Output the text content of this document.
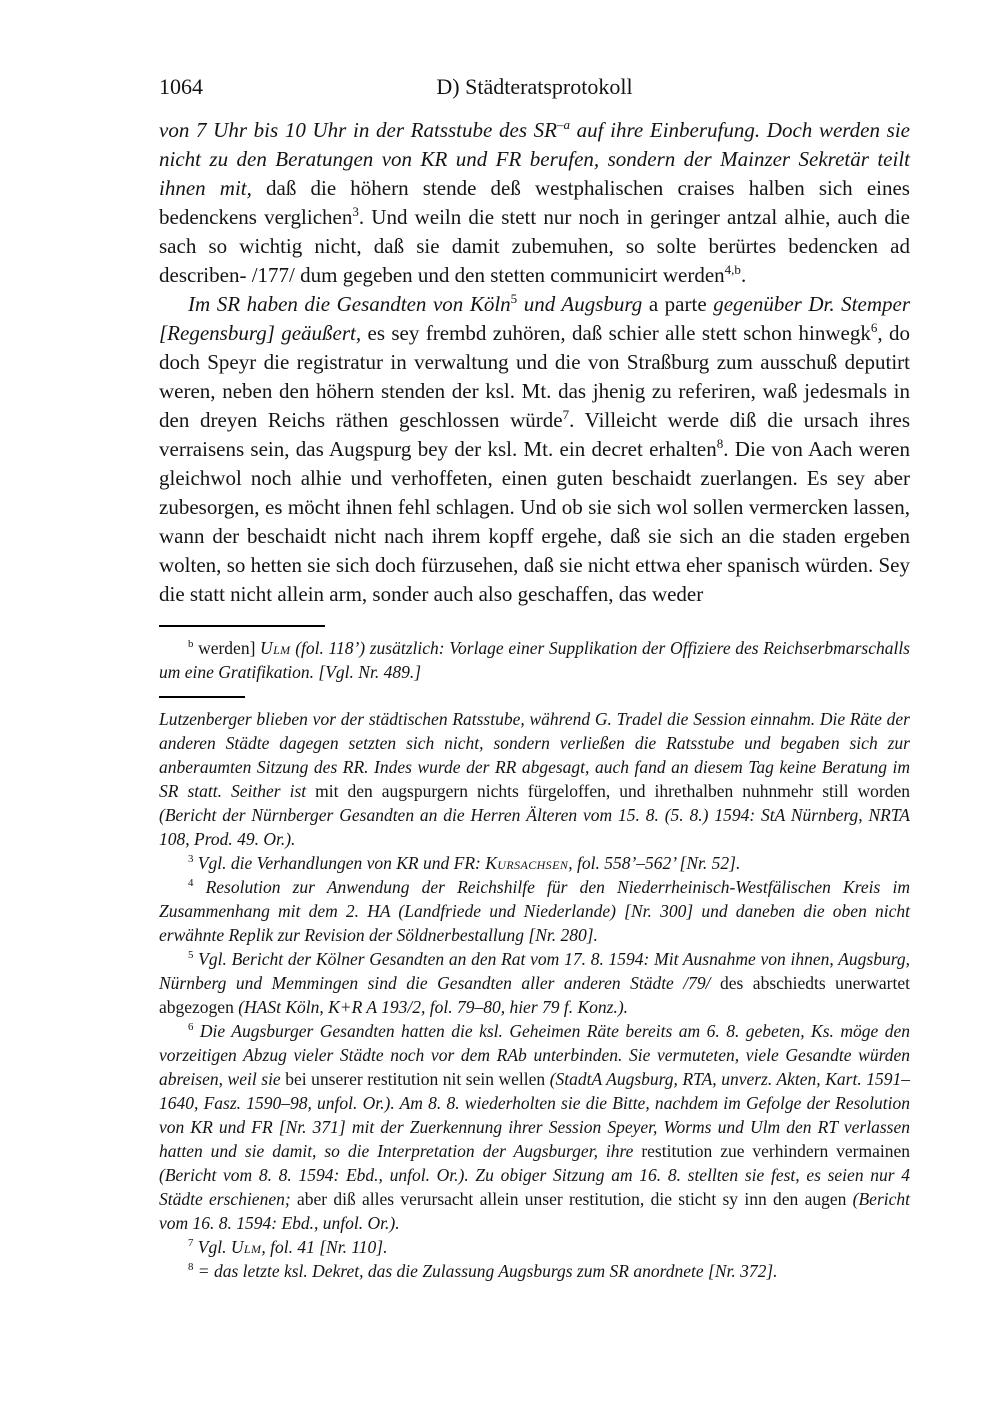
1064	D) Städteratsprotokoll

von 7 Uhr bis 10 Uhr in der Ratsstube des $SR^{-a}$ auf ihre Einberufung. Doch werden sie nicht zu den Beratungen von KR und FR berufen, sondern der Mainzer Sekretär teilt ihnen mit, daß die höhern stende deß westphalischen craises halben sich eines bedenckens verglichen$^3$. Und weiln die stett nur noch in geringer antzal alhie, auch die sach so wichtig nicht, daß sie damit zubemuhen, so solte berürtes bedencken ad describen- /177/ dum gegeben und den stetten communicirt werden$^{4,b}$.

Im SR haben die Gesandten von Köln$^5$ und Augsburg a parte gegenüber Dr. Stemper [Regensburg] geäußert, es sey frembd zuhören, daß schier alle stett schon hinwegk$^6$, do doch Speyr die registratur in verwaltung und die von Straßburg zum ausschuß deputirt weren, neben den höhern stenden der ksl. Mt. das jhenig zu referiren, waß jedesmals in den dreyen Reichs räthen geschlossen würde$^7$. Villeicht werde diß die ursach ihres verraisens sein, das Augspurg bey der ksl. Mt. ein decret erhalten$^8$. Die von Aach weren gleichwol noch alhie und verhoffeten, einen guten beschaidt zuerlangen. Es sey aber zubesorgen, es möcht ihnen fehl schlagen. Und ob sie sich wol sollen vermercken lassen, wann der beschaidt nicht nach ihrem kopff ergehe, daß sie sich an die staden ergeben wolten, so hetten sie sich doch fürzusehen, daß sie nicht ettwa eher spanisch würden. Sey die statt nicht allein arm, sonder auch also geschaffen, das weder

$^b$ werden] Ulm (fol. 118’) zusätzlich: Vorlage einer Supplikation der Offiziere des Reichserbmarschalls um eine Gratifikation. [Vgl. Nr. 489.]

Lutzenberger blieben vor der städtischen Ratsstube, während G. Tradel die Session einnahm. Die Räte der anderen Städte dagegen setzten sich nicht, sondern verließen die Ratsstube und begaben sich zur anberaumten Sitzung des RR. Indes wurde der RR abgesagt, auch fand an diesem Tag keine Beratung im SR statt. Seither ist mit den augspurgern nichts fürgeloffen, und ihrethalben nuhnmehr still worden (Bericht der Nürnberger Gesandten an die Herren Älteren vom 15. 8. (5. 8.) 1594: StA Nürnberg, NRTA 108, Prod. 49. Or.).

$^3$ Vgl. die Verhandlungen von KR und FR: Kursachsen, fol. 558’–562’ [Nr. 52].

$^4$ Resolution zur Anwendung der Reichshilfe für den Niederrheinisch-Westfälischen Kreis im Zusammenhang mit dem 2. HA (Landfriede und Niederlande) [Nr. 300] und daneben die oben nicht erwähnte Replik zur Revision der Söldnerbestallung [Nr. 280].

$^5$ Vgl. Bericht der Kölner Gesandten an den Rat vom 17. 8. 1594: Mit Ausnahme von ihnen, Augsburg, Nürnberg und Memmingen sind die Gesandten aller anderen Städte /79/ des abschiedts unerwartet abgezogen (HASt Köln, K+R A 193/2, fol. 79–80, hier 79 f. Konz.).

$^6$ Die Augsburger Gesandten hatten die ksl. Geheimen Räte bereits am 6. 8. gebeten, Ks. möge den vorzeitigen Abzug vieler Städte noch vor dem RAb unterbinden. Sie vermuteten, viele Gesandte würden abreisen, weil sie bei unserer restitution nit sein wellen (StadtA Augsburg, RTA, unverz. Akten, Kart. 1591–1640, Fasz. 1590–98, unfol. Or.). Am 8. 8. wiederholten sie die Bitte, nachdem im Gefolge der Resolution von KR und FR [Nr. 371] mit der Zuerkennung ihrer Session Speyer, Worms und Ulm den RT verlassen hatten und sie damit, so die Interpretation der Augsburger, ihre restitution zue verhindern vermainen (Bericht vom 8. 8. 1594: Ebd., unfol. Or.). Zu obiger Sitzung am 16. 8. stellten sie fest, es seien nur 4 Städte erschienen; aber diß alles verursacht allein unser restitution, die sticht sy inn den augen (Bericht vom 16. 8. 1594: Ebd., unfol. Or.).

$^7$ Vgl. Ulm, fol. 41 [Nr. 110].

$^8$ = das letzte ksl. Dekret, das die Zulassung Augsburgs zum SR anordnete [Nr. 372].
